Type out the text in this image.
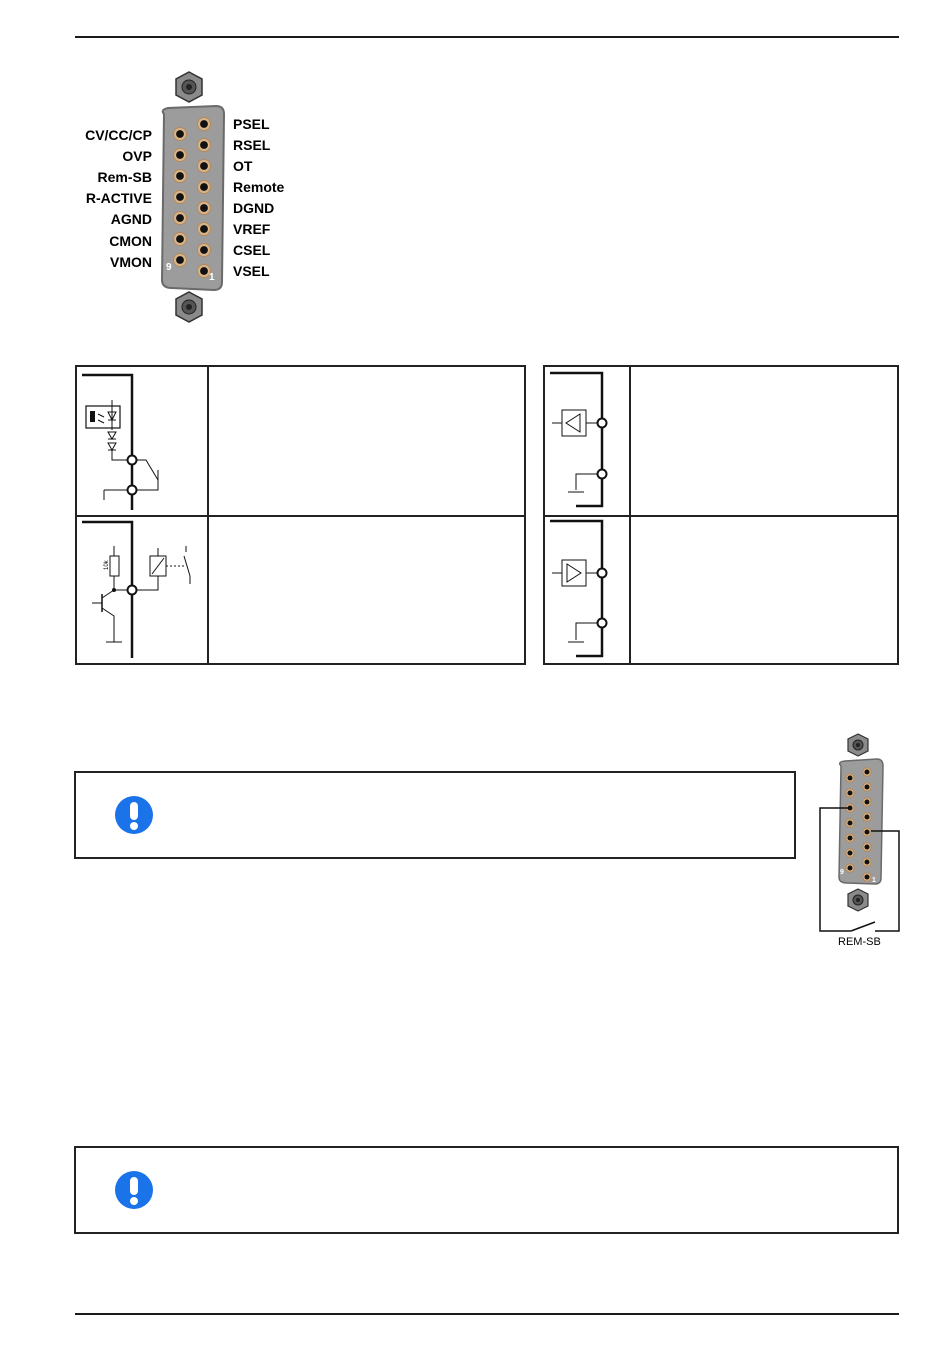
9
1
CV/CC/CP
OVP
Rem-SB
R-ACTIVE
AGND
CMON
VMON
PSEL
RSEL
OT
Remote
DGND
VREF
CSEL
VSEL
10k
9
1
REM-SB
